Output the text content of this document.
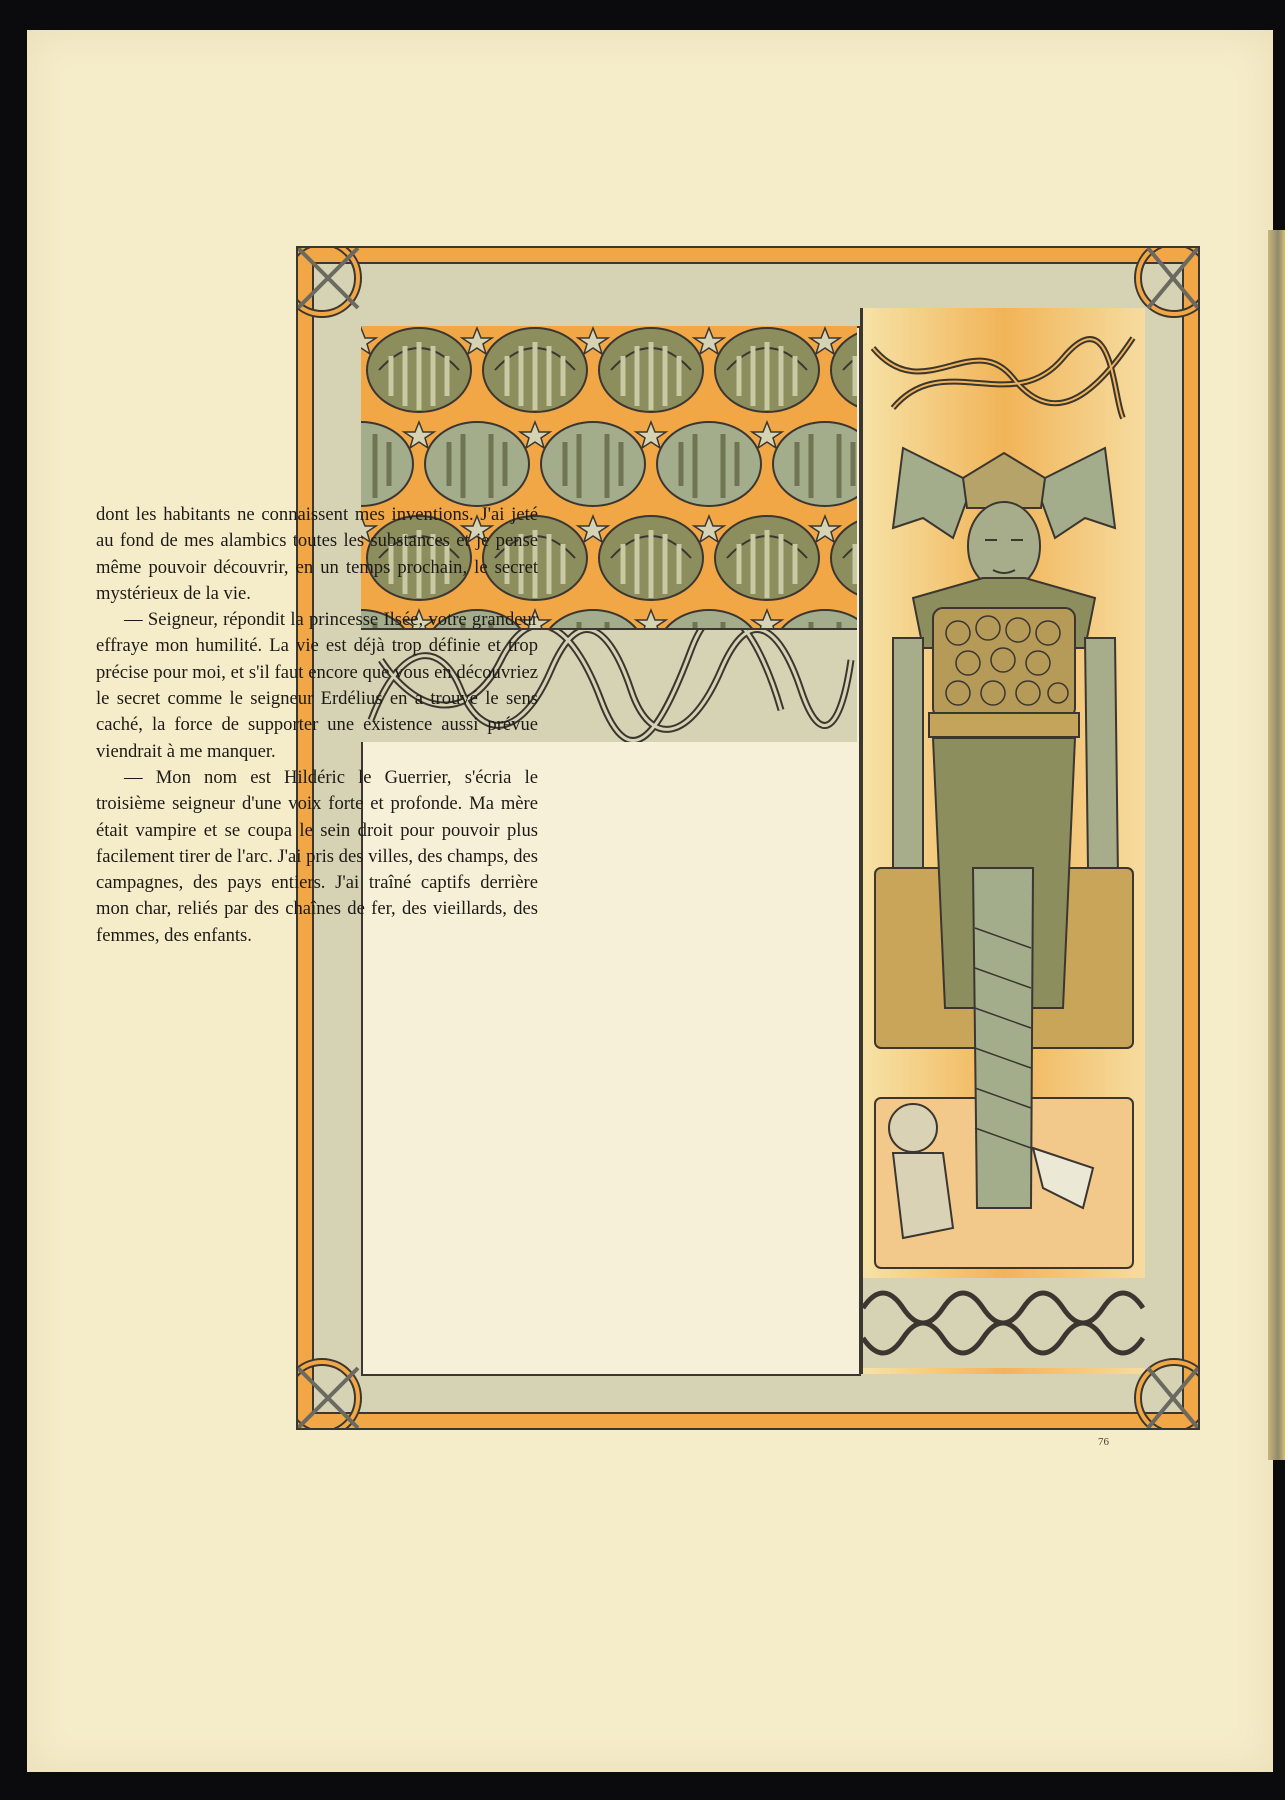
dont les habitants ne connaissent mes inventions. J'ai jeté au fond de mes alambics toutes les substances et je pense même pouvoir découvrir, en un temps prochain, le secret mystérieux de la vie.

— Seigneur, répondit la princesse Ilsée, votre grandeur effraye mon humilité. La vie est déjà trop définie et trop précise pour moi, et s'il faut encore que vous en découvriez le secret comme le seigneur Erdélius en a trouvé le sens caché, la force de supporter une existence aussi prévue viendrait à me manquer.

— Mon nom est Hildéric le Guerrier, s'écria le troisième seigneur d'une voix forte et profonde. Ma mère était vampire et se coupa le sein droit pour pouvoir plus facilement tirer de l'arc. J'ai pris des villes, des champs, des campagnes, des pays entiers. J'ai traîné captifs derrière mon char, reliés par des chaînes de fer, des vieillards, des femmes, des enfants.

76
